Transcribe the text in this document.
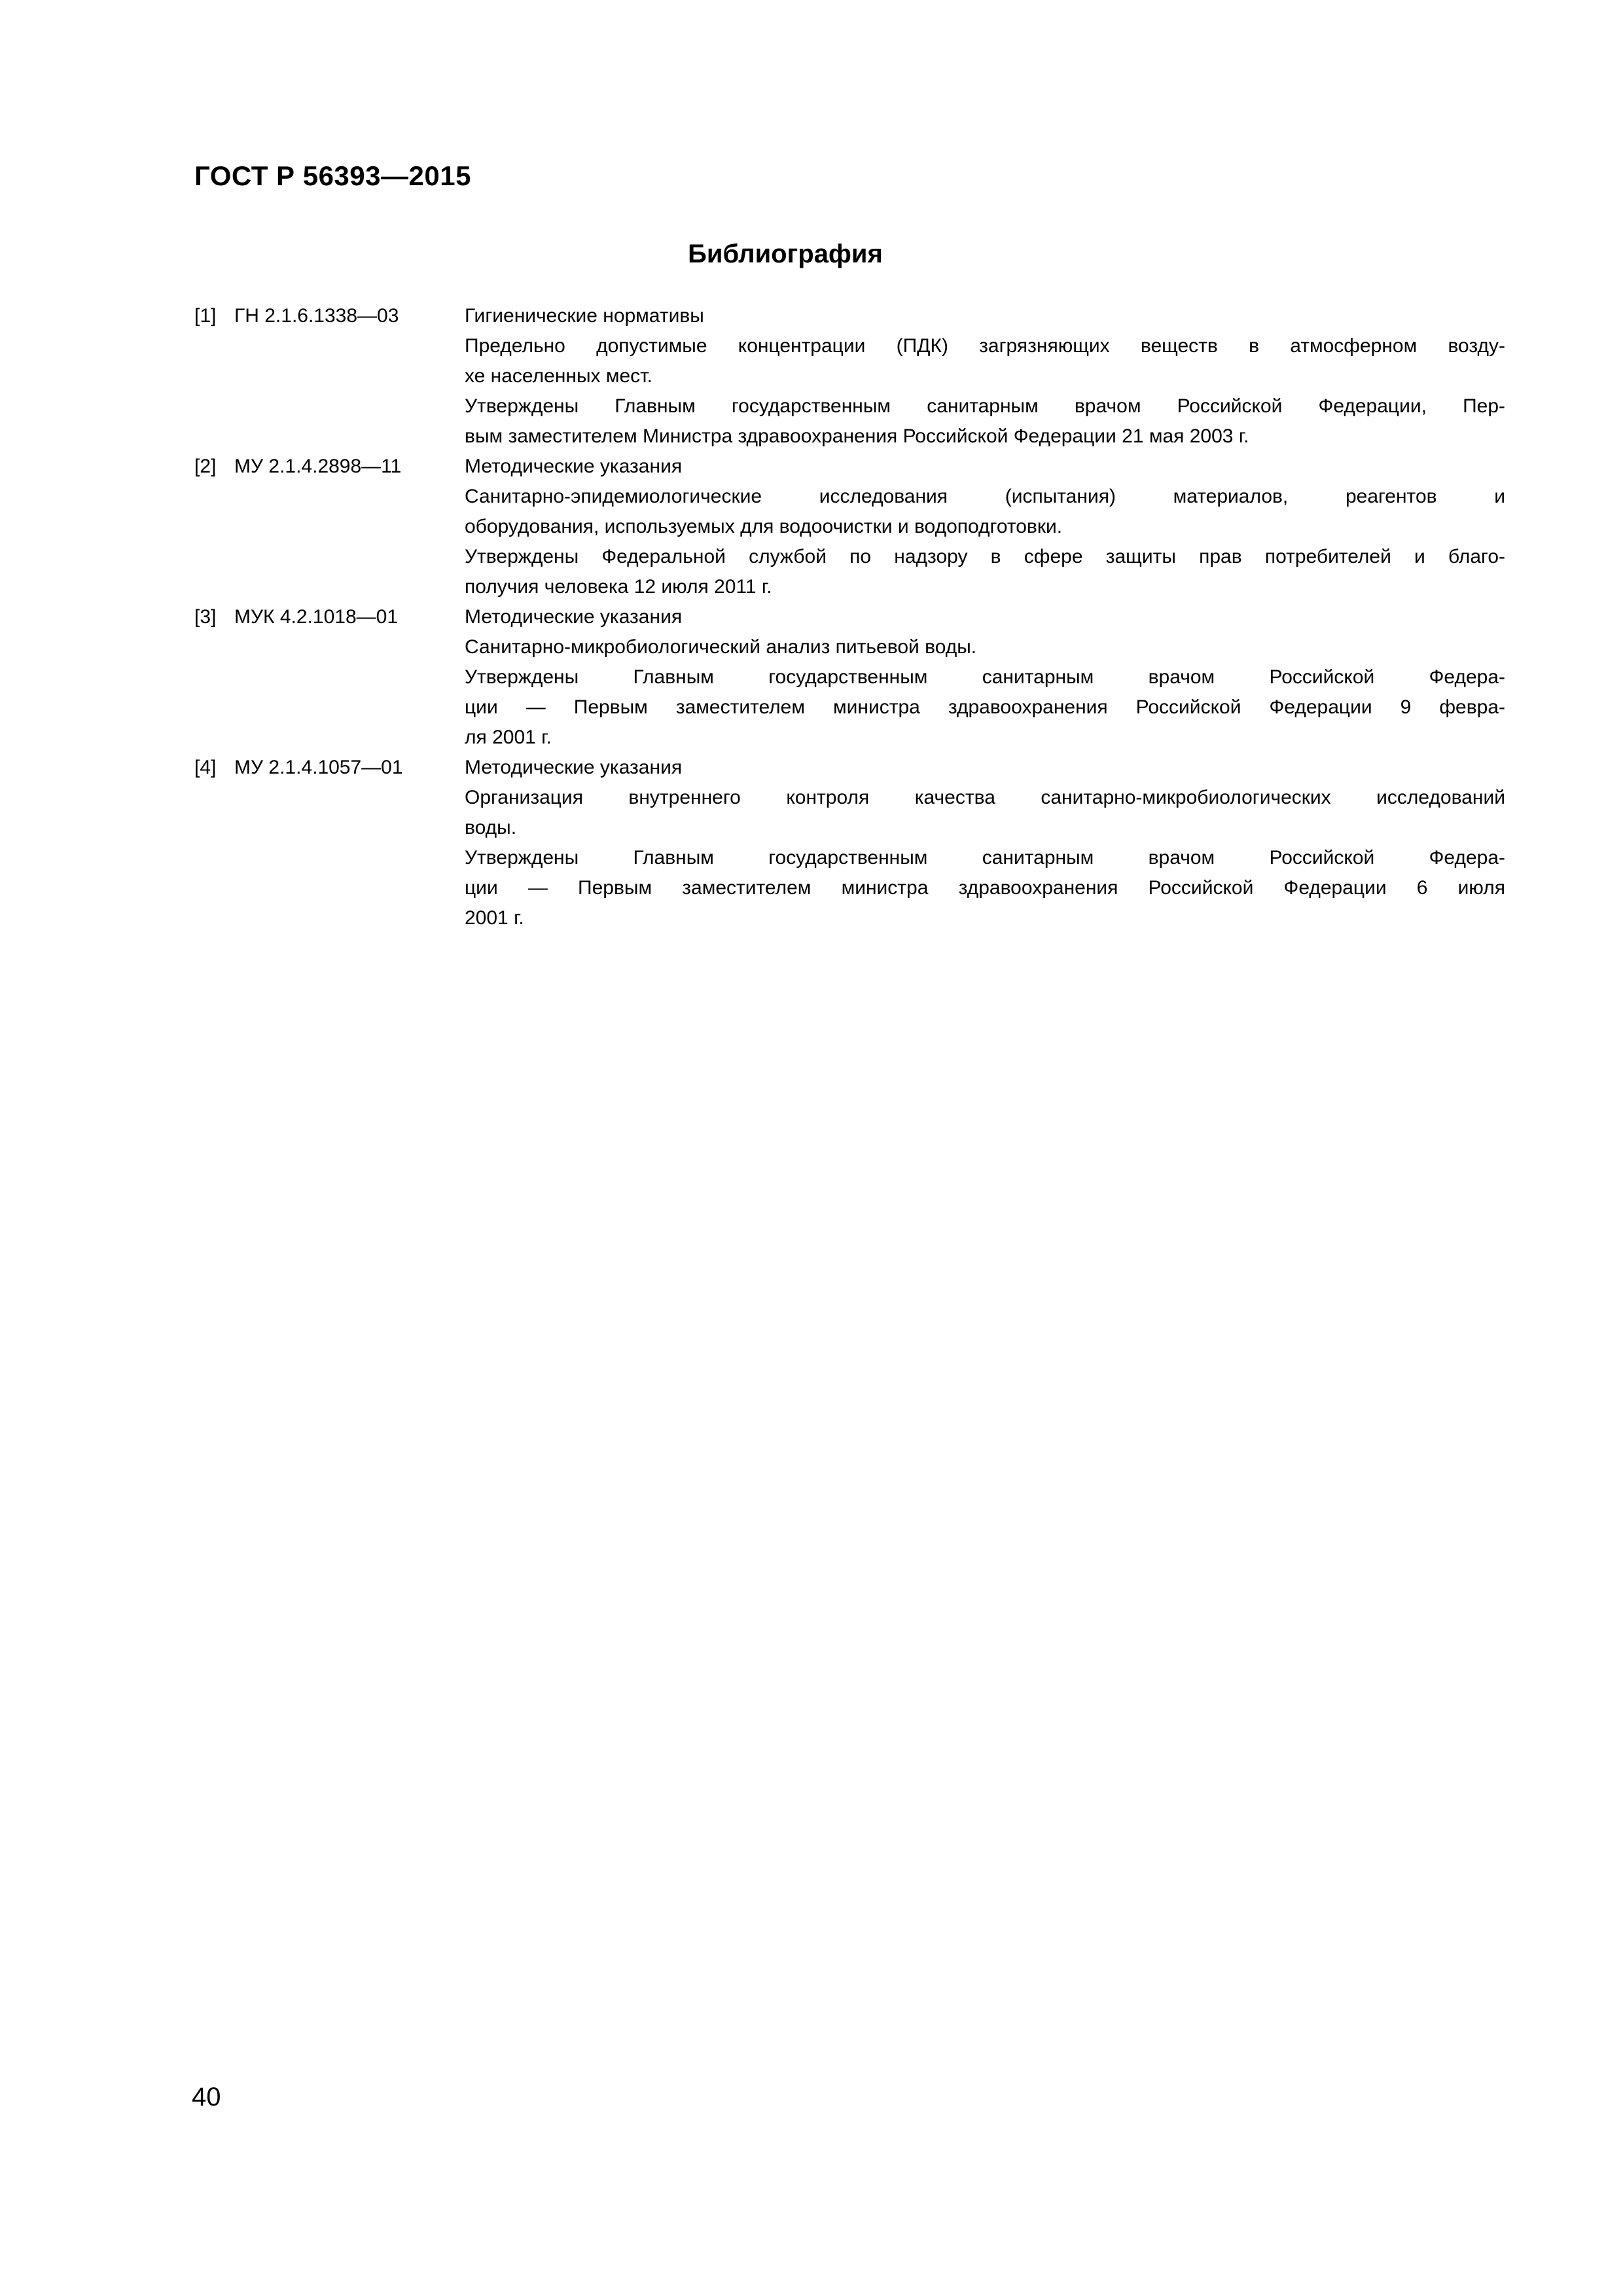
ГОСТ Р 56393—2015
Библиография
[1] ГН 2.1.6.1338—03	Гигиенические нормативы
Предельно допустимые концентрации (ПДК) загрязняющих веществ в атмосферном возду-
хе населенных мест.
Утверждены Главным государственным санитарным врачом Российской Федерации, Пер-
вым заместителем Министра здравоохранения Российской Федерации 21 мая 2003 г.
[2] МУ 2.1.4.2898—11	Методические указания
Санитарно-эпидемиологические исследования (испытания) материалов, реагентов и
оборудования, используемых для водоочистки и водоподготовки.
Утверждены Федеральной службой по надзору в сфере защиты прав потребителей и благо-
получия человека 12 июля 2011 г.
[3] МУК 4.2.1018—01	Методические указания
Санитарно-микробиологический анализ питьевой воды.
Утверждены Главным государственным санитарным врачом Российской Федера-
ции — Первым заместителем министра здравоохранения Российской Федерации 9 февра-
ля 2001 г.
[4] МУ 2.1.4.1057—01	Методические указания
Организация внутреннего контроля качества санитарно-микробиологических исследований
воды.
Утверждены Главным государственным санитарным врачом Российской Федера-
ции — Первым заместителем министра здравоохранения Российской Федерации 6 июля
2001 г.
40
